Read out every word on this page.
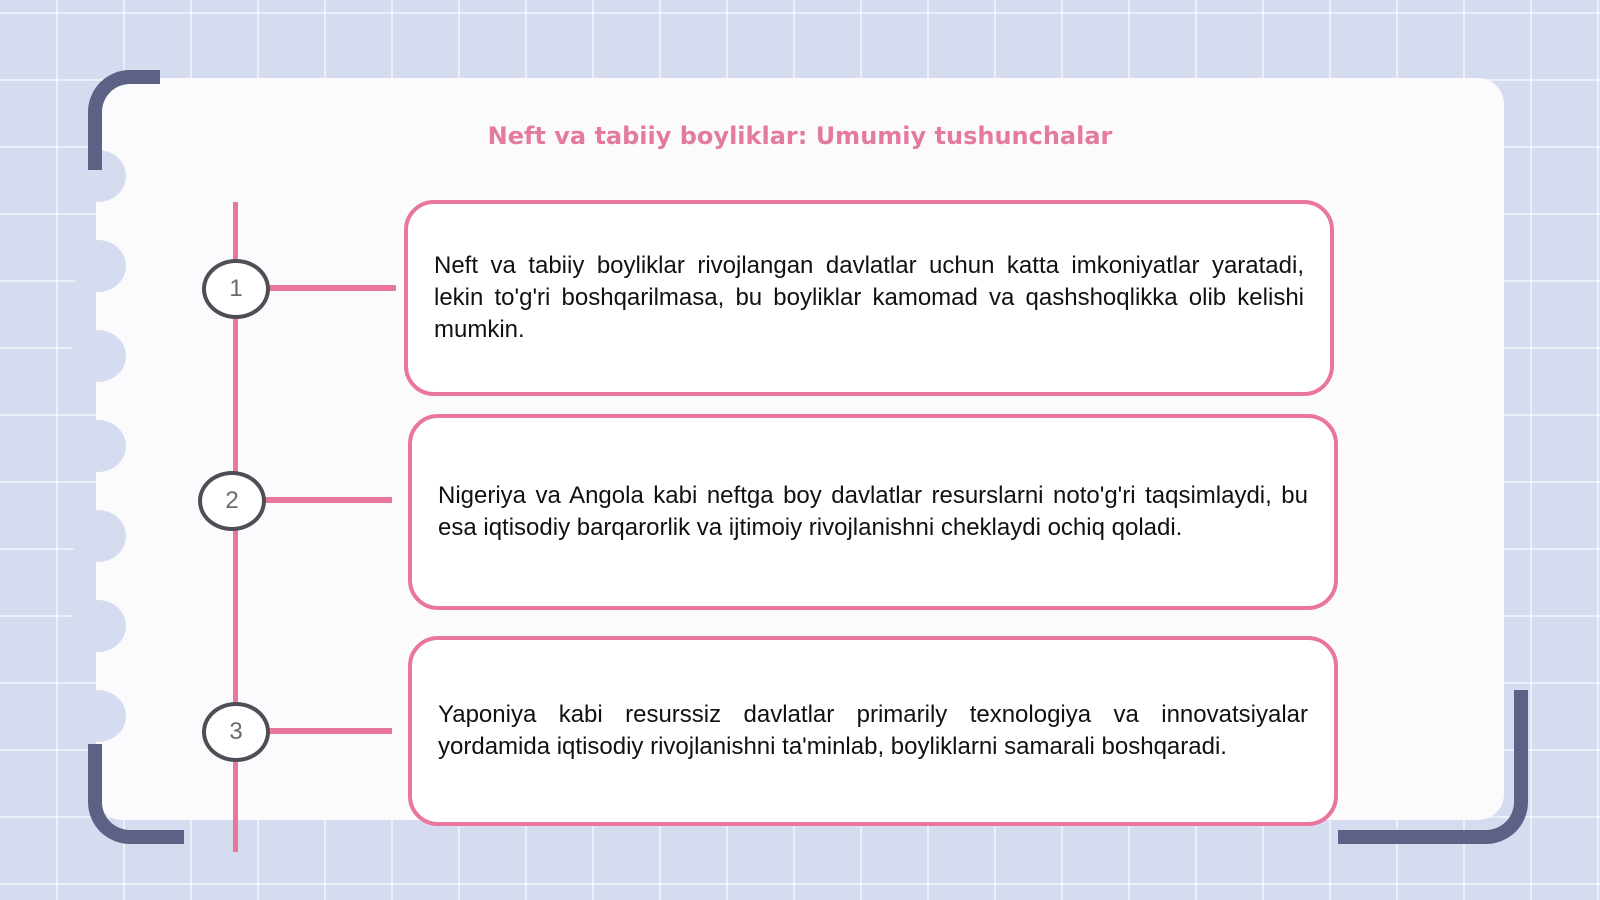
Neft va tabiiy boyliklar: Umumiy tushunchalar
1

Neft va tabiiy boyliklar rivojlangan davlatlar uchun katta imkoniyatlar yaratadi, lekin to'g'ri boshqarilmasa, bu boyliklar kamomad va qashshoqlikka olib kelishi mumkin.

2	Nigeriya va Angola kabi neftga boy davlatlar resurslarni noto'g'ri taqsimlaydi, bu esa iqtisodiy barqarorlik va ijtimoiy rivojlanishni cheklaydi ochiq qoladi.

3

Yaponiya kabi resurssiz davlatlar primarily texnologiya va innovatsiyalar yordamida iqtisodiy rivojlanishni ta'minlab, boyliklarni samarali boshqaradi.
